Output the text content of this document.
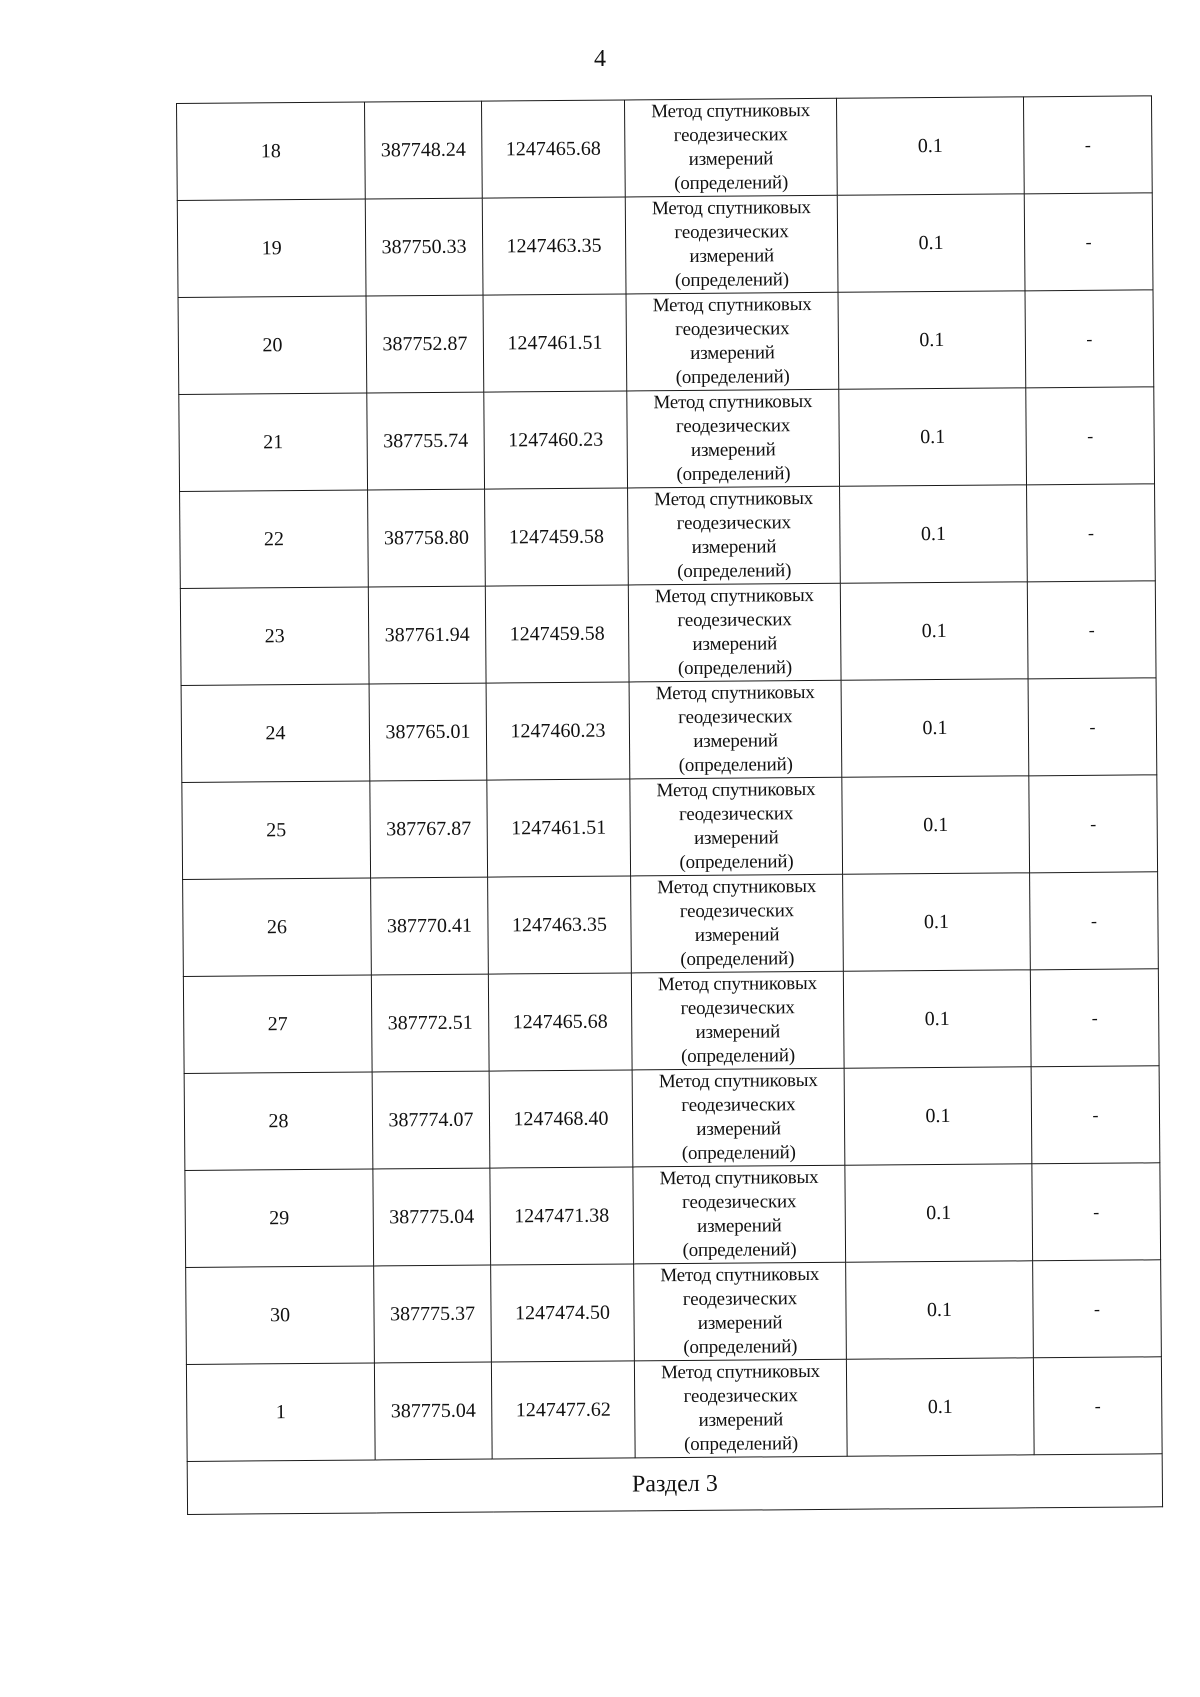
4
18	387748.24	1247465.68	Метод спутниковых
геодезических
измерений
(определений)	0.1	-
19	387750.33	1247463.35	Метод спутниковых
геодезических
измерений
(определений)	0.1	-
20	387752.87	1247461.51	Метод спутниковых
геодезических
измерений
(определений)	0.1	-
21	387755.74	1247460.23	Метод спутниковых
геодезических
измерений
(определений)	0.1	-
22	387758.80	1247459.58	Метод спутниковых
геодезических
измерений
(определений)	0.1	-
23	387761.94	1247459.58	Метод спутниковых
геодезических
измерений
(определений)	0.1	-
24	387765.01	1247460.23	Метод спутниковых
геодезических
измерений
(определений)	0.1	-
25	387767.87	1247461.51	Метод спутниковых
геодезических
измерений
(определений)	0.1	-
26	387770.41	1247463.35	Метод спутниковых
геодезических
измерений
(определений)	0.1	-
27	387772.51	1247465.68	Метод спутниковых
геодезических
измерений
(определений)	0.1	-
28	387774.07	1247468.40	Метод спутниковых
геодезических
измерений
(определений)	0.1	-
29	387775.04	1247471.38	Метод спутниковых
геодезических
измерений
(определений)	0.1	-
30	387775.37	1247474.50	Метод спутниковых
геодезических
измерений
(определений)	0.1	-
1	387775.04	1247477.62	Метод спутниковых
геодезических
измерений
(определений)	0.1	-
Раздел 3					
